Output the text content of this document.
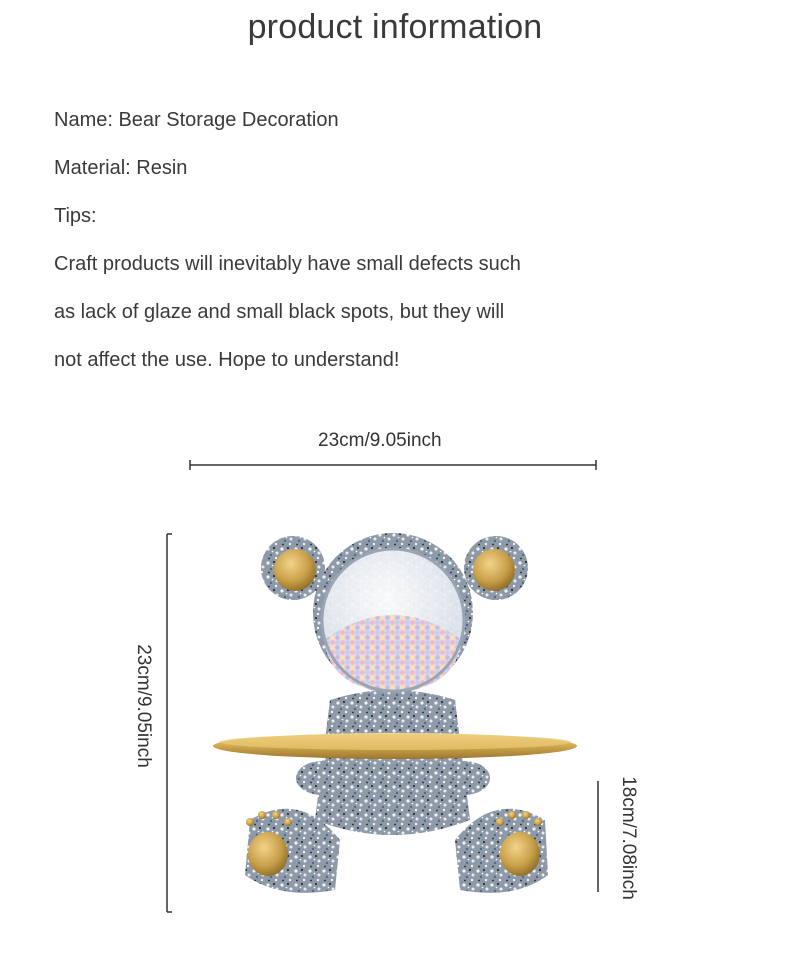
product information
Name: Bear Storage Decoration
Material: Resin
Tips:
Craft products will inevitably have small defects such
as lack of glaze and small black spots, but they will
not affect the use. Hope to understand!
23cm/9.05inch
23cm/9.05inch
18cm/7.08inch
